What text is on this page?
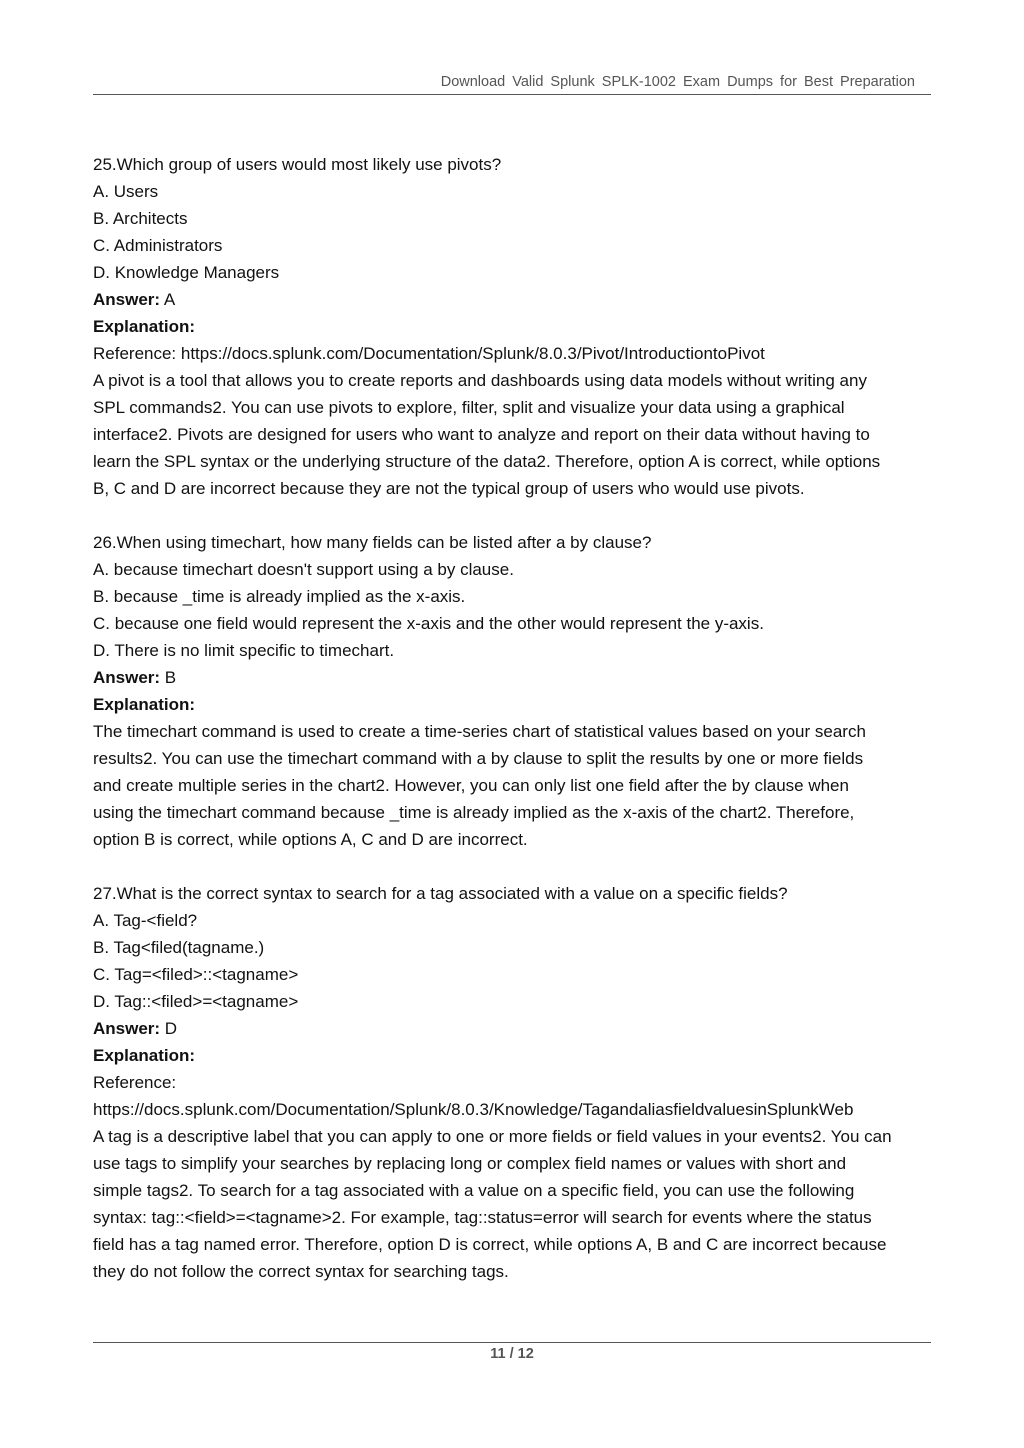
Download Valid Splunk SPLK-1002 Exam Dumps for Best Preparation
25.Which group of users would most likely use pivots?
A. Users
B. Architects
C. Administrators
D. Knowledge Managers
Answer: A
Explanation:
Reference: https://docs.splunk.com/Documentation/Splunk/8.0.3/Pivot/IntroductiontoPivot
A pivot is a tool that allows you to create reports and dashboards using data models without writing any
SPL commands2. You can use pivots to explore, filter, split and visualize your data using a graphical
interface2. Pivots are designed for users who want to analyze and report on their data without having to
learn the SPL syntax or the underlying structure of the data2. Therefore, option A is correct, while options
B, C and D are incorrect because they are not the typical group of users who would use pivots.
26.When using timechart, how many fields can be listed after a by clause?
A. because timechart doesn't support using a by clause.
B. because _time is already implied as the x-axis.
C. because one field would represent the x-axis and the other would represent the y-axis.
D. There is no limit specific to timechart.
Answer: B
Explanation:
The timechart command is used to create a time-series chart of statistical values based on your search
results2. You can use the timechart command with a by clause to split the results by one or more fields
and create multiple series in the chart2. However, you can only list one field after the by clause when
using the timechart command because _time is already implied as the x-axis of the chart2. Therefore,
option B is correct, while options A, C and D are incorrect.
27.What is the correct syntax to search for a tag associated with a value on a specific fields?
A. Tag-<field?
B. Tag<filed(tagname.)
C. Tag=<filed>::<tagname>
D. Tag::<filed>=<tagname>
Answer: D
Explanation:
Reference:
https://docs.splunk.com/Documentation/Splunk/8.0.3/Knowledge/TagandaliasfieldvaluesinSplunkWeb
A tag is a descriptive label that you can apply to one or more fields or field values in your events2. You can
use tags to simplify your searches by replacing long or complex field names or values with short and
simple tags2. To search for a tag associated with a value on a specific field, you can use the following
syntax: tag::<field>=<tagname>2. For example, tag::status=error will search for events where the status
field has a tag named error. Therefore, option D is correct, while options A, B and C are incorrect because
they do not follow the correct syntax for searching tags.
11 / 12
